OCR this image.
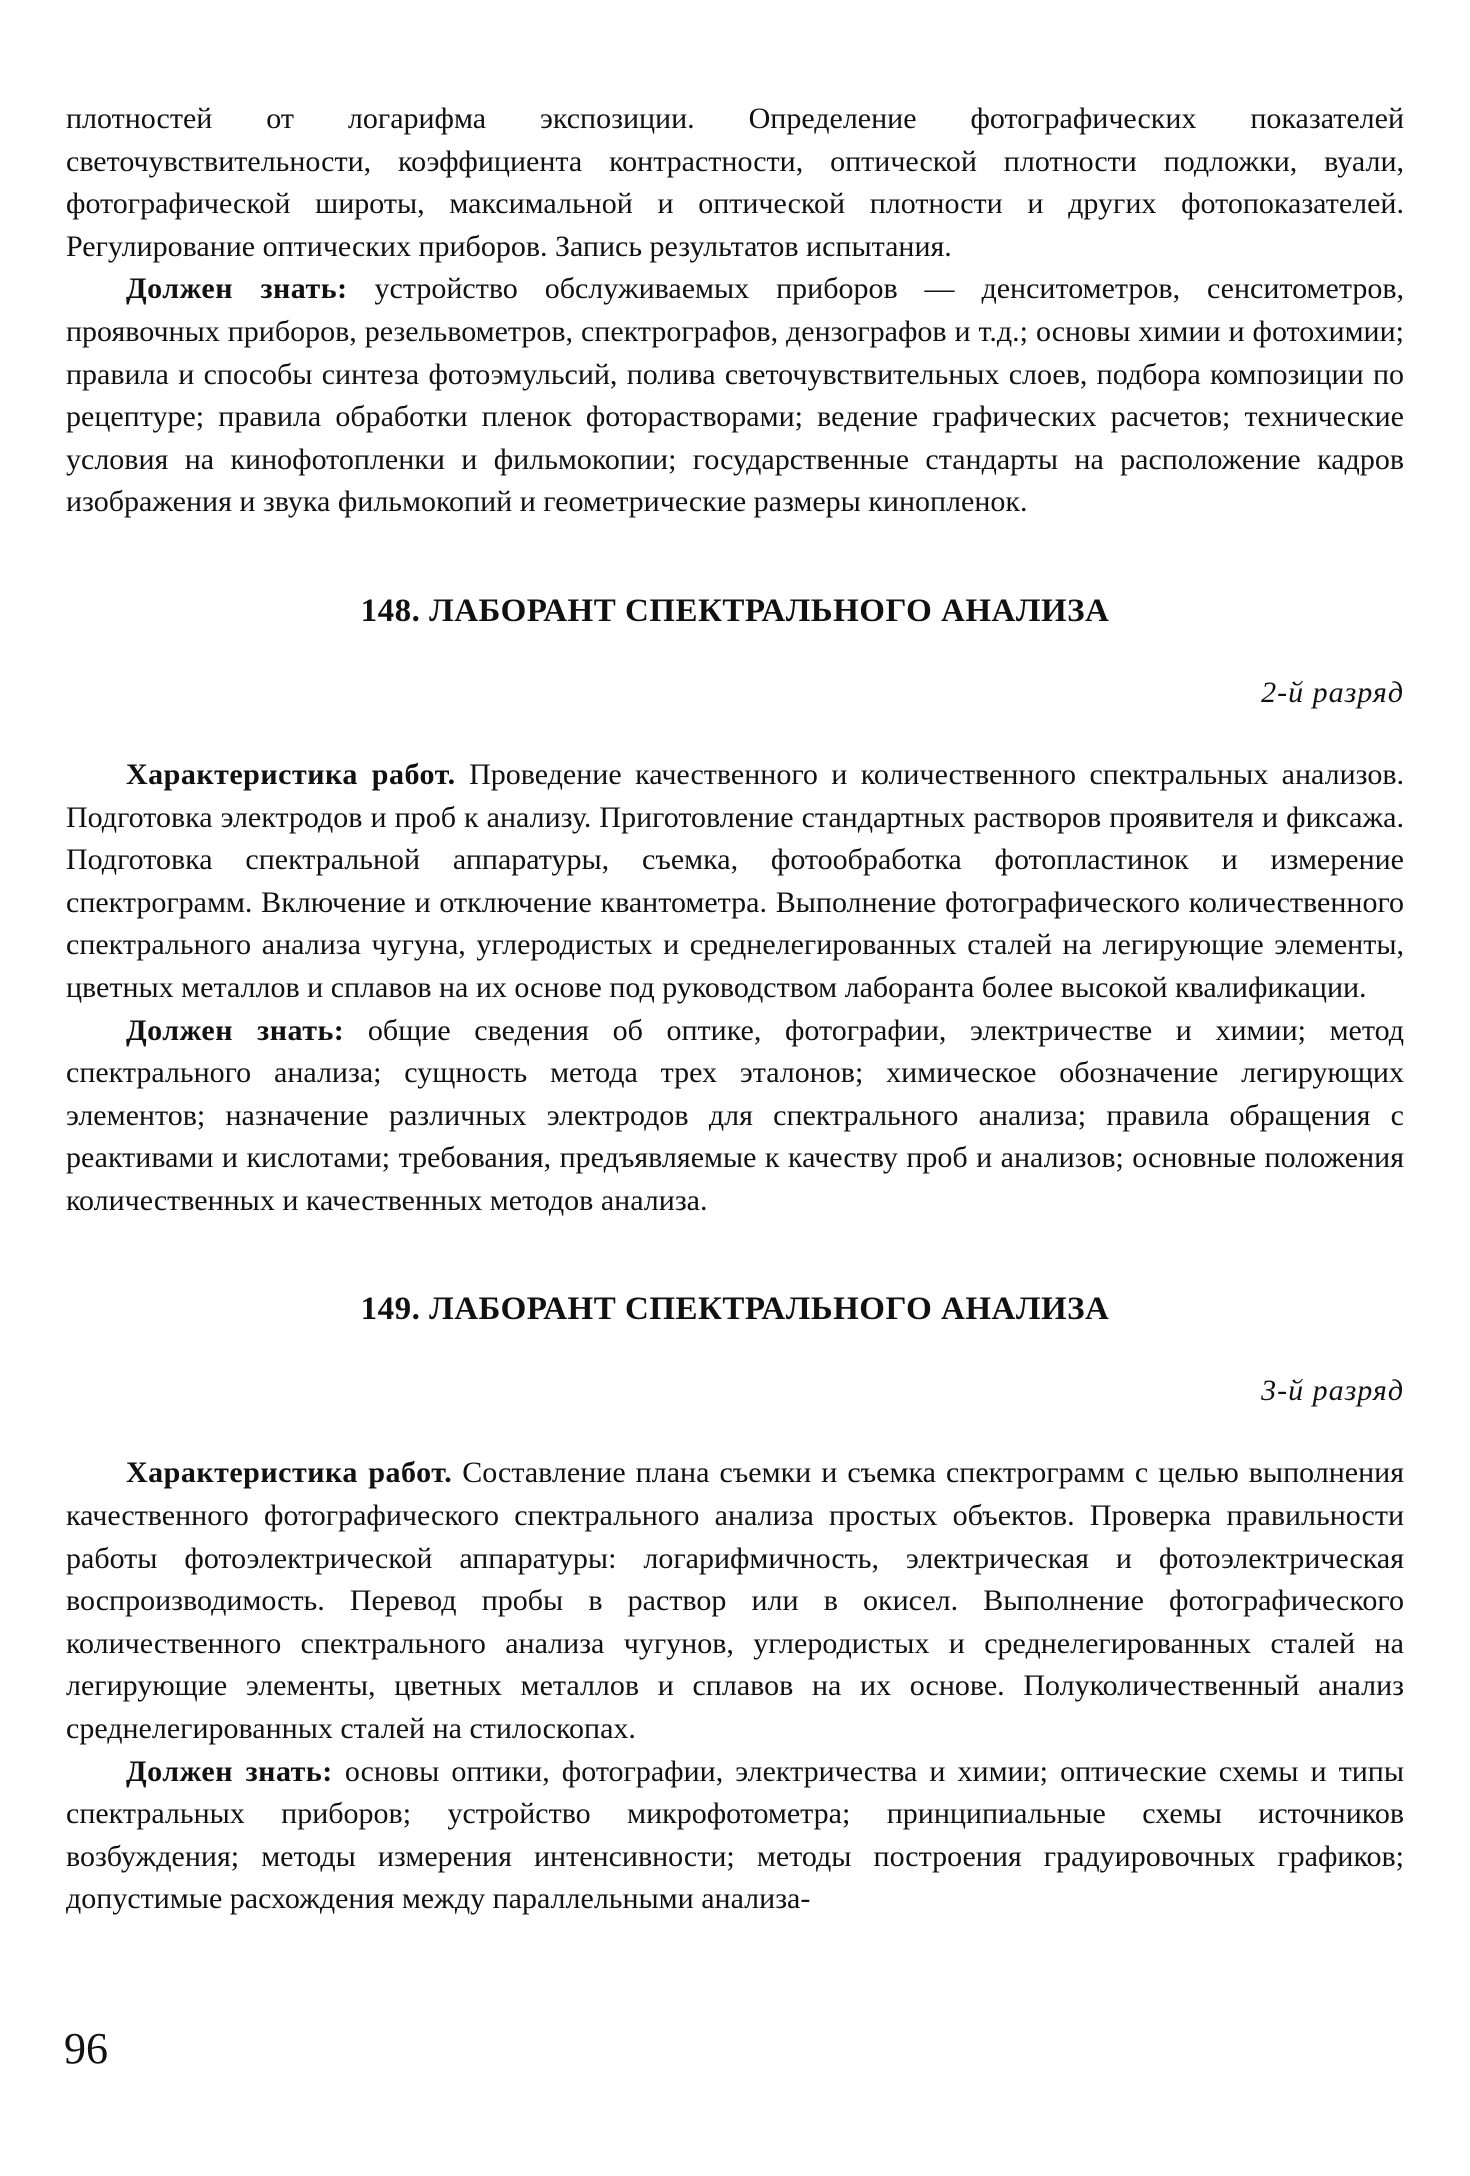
плотностей от логарифма экспозиции. Определение фотографических показателей светочувствительности, коэффициента контрастности, оптической плотности подложки, вуали, фотографической широты, максимальной и оптической плотности и других фотопоказателей. Регулирование оптических приборов. Запись результатов испытания.

Должен знать: устройство обслуживаемых приборов — денситометров, сенситометров, проявочных приборов, резельвометров, спектрографов, дензографов и т.д.; основы химии и фотохимии; правила и способы синтеза фотоэмульсий, полива светочувствительных слоев, подбора композиции по рецептуре; правила обработки пленок фоторастворами; ведение графических расчетов; технические условия на кинофотопленки и фильмокопии; государственные стандарты на расположение кадров изображения и звука фильмокопий и геометрические размеры кинопленок.

148. ЛАБОРАНТ СПЕКТРАЛЬНОГО АНАЛИЗА
2-й разряд

Характеристика работ. Проведение качественного и количественного спектральных анализов. Подготовка электродов и проб к анализу. Приготовление стандартных растворов проявителя и фиксажа. Подготовка спектральной аппаратуры, съемка, фотообработка фотопластинок и измерение спектрограмм. Включение и отключение квантометра. Выполнение фотографического количественного спектрального анализа чугуна, углеродистых и среднелегированных сталей на легирующие элементы, цветных металлов и сплавов на их основе под руководством лаборанта более высокой квалификации.

Должен знать: общие сведения об оптике, фотографии, электричестве и химии; метод спектрального анализа; сущность метода трех эталонов; химическое обозначение легирующих элементов; назначение различных электродов для спектрального анализа; правила обращения с реактивами и кислотами; требования, предъявляемые к качеству проб и анализов; основные положения количественных и качественных методов анализа.

149. ЛАБОРАНТ СПЕКТРАЛЬНОГО АНАЛИЗА
3-й разряд

Характеристика работ. Составление плана съемки и съемка спектрограмм с целью выполнения качественного фотографического спектрального анализа простых объектов. Проверка правильности работы фотоэлектрической аппаратуры: логарифмичность, электрическая и фотоэлектрическая воспроизводимость. Перевод пробы в раствор или в окисел. Выполнение фотографического количественного спектрального анализа чугунов, углеродистых и среднелегированных сталей на легирующие элементы, цветных металлов и сплавов на их основе. Полуколичественный анализ среднелегированных сталей на стилоскопах.

Должен знать: основы оптики, фотографии, электричества и химии; оптические схемы и типы спектральных приборов; устройство микрофотометра; принципиальные схемы источников возбуждения; методы измерения интенсивности; методы построения градуировочных графиков; допустимые расхождения между параллельными анализа-

96
